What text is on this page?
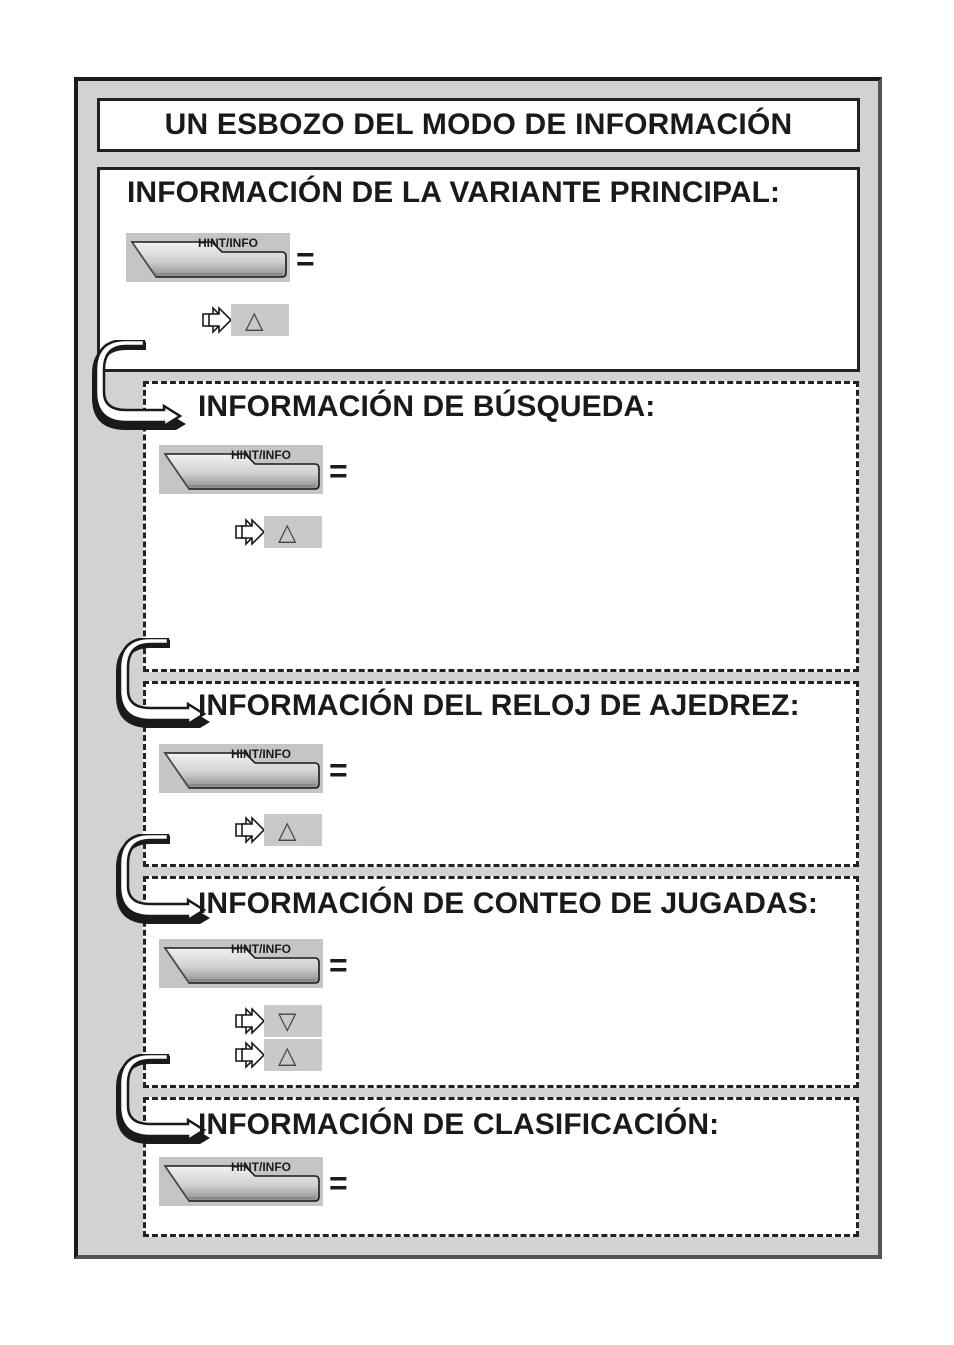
UN ESBOZO DEL MODO DE INFORMACIÓN
INFORMACIÓN DE LA VARIANTE PRINCIPAL:
HINT/INFO =
△
INFORMACIÓN DE BÚSQUEDA:
HINT/INFO =
△
INFORMACIÓN DEL RELOJ DE AJEDREZ:
HINT/INFO =
△
INFORMACIÓN DE CONTEO DE JUGADAS:
HINT/INFO =
▽
△
INFORMACIÓN DE CLASIFICACIÓN:
HINT/INFO =
